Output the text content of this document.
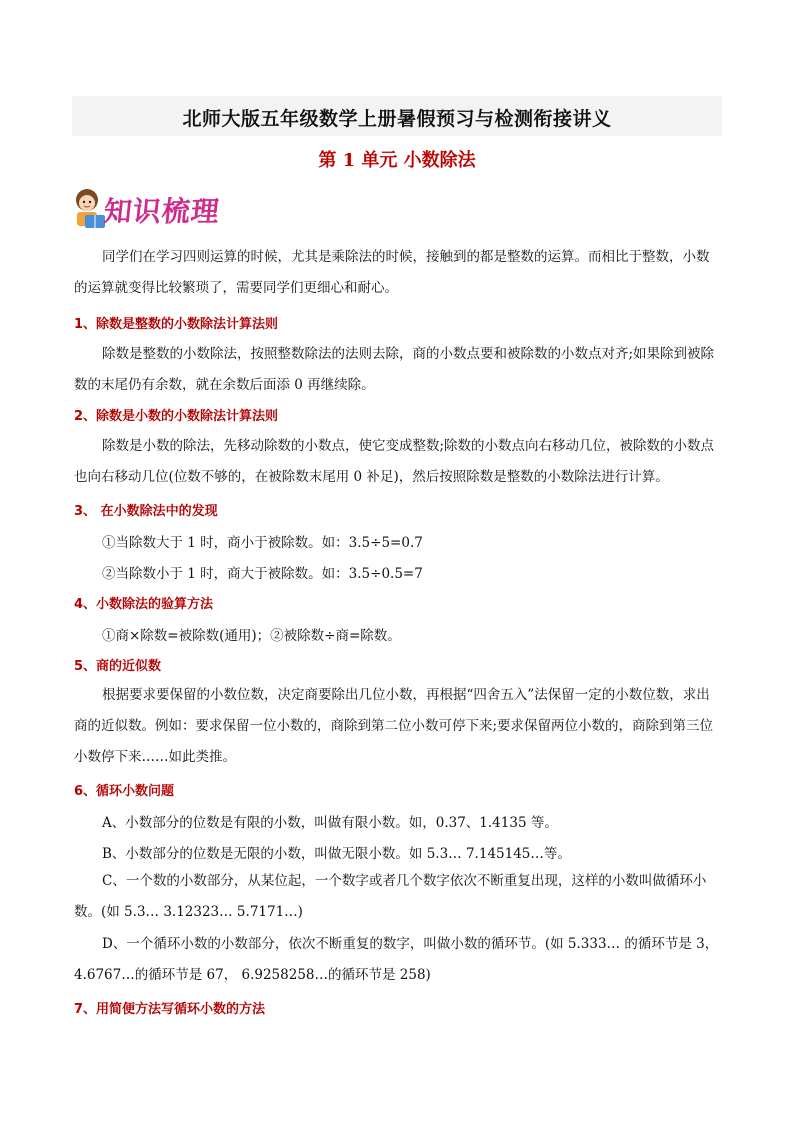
北师大版五年级数学上册暑假预习与检测衔接讲义
第 1 单元 小数除法
知识梳理
同学们在学习四则运算的时候，尤其是乘除法的时候，接触到的都是整数的运算。而相比于整数，小数的运算就变得比较繁琐了，需要同学们更细心和耐心。
1、除数是整数的小数除法计算法则
除数是整数的小数除法，按照整数除法的法则去除，商的小数点要和被除数的小数点对齐;如果除到被除数的末尾仍有余数，就在余数后面添 0 再继续除。
2、除数是小数的小数除法计算法则
除数是小数的除法，先移动除数的小数点，使它变成整数;除数的小数点向右移动几位，被除数的小数点也向右移动几位(位数不够的，在被除数末尾用 0 补足)，然后按照除数是整数的小数除法进行计算。
3、 在小数除法中的发现
①当除数大于 1 时，商小于被除数。如：3.5÷5=0.7
②当除数小于 1 时，商大于被除数。如：3.5÷0.5=7
4、小数除法的验算方法
①商×除数=被除数(通用)；②被除数÷商=除数。
5、商的近似数
根据要求要保留的小数位数，决定商要除出几位小数，再根据“四舍五入”法保留一定的小数位数，求出商的近似数。例如：要求保留一位小数的，商除到第二位小数可停下来;要求保留两位小数的，商除到第三位小数停下来……如此类推。
6、循环小数问题
A、小数部分的位数是有限的小数，叫做有限小数。如，0.37、1.4135 等。
B、小数部分的位数是无限的小数，叫做无限小数。如 5.3… 7.145145…等。
C、一个数的小数部分，从某位起，一个数字或者几个数字依次不断重复出现，这样的小数叫做循环小数。(如 5.3… 3.12323… 5.7171…)
D、一个循环小数的小数部分，依次不断重复的数字，叫做小数的循环节。(如 5.333… 的循环节是 3， 4.6767…的循环节是 67， 6.9258258…的循环节是 258)
7、用简便方法写循环小数的方法
